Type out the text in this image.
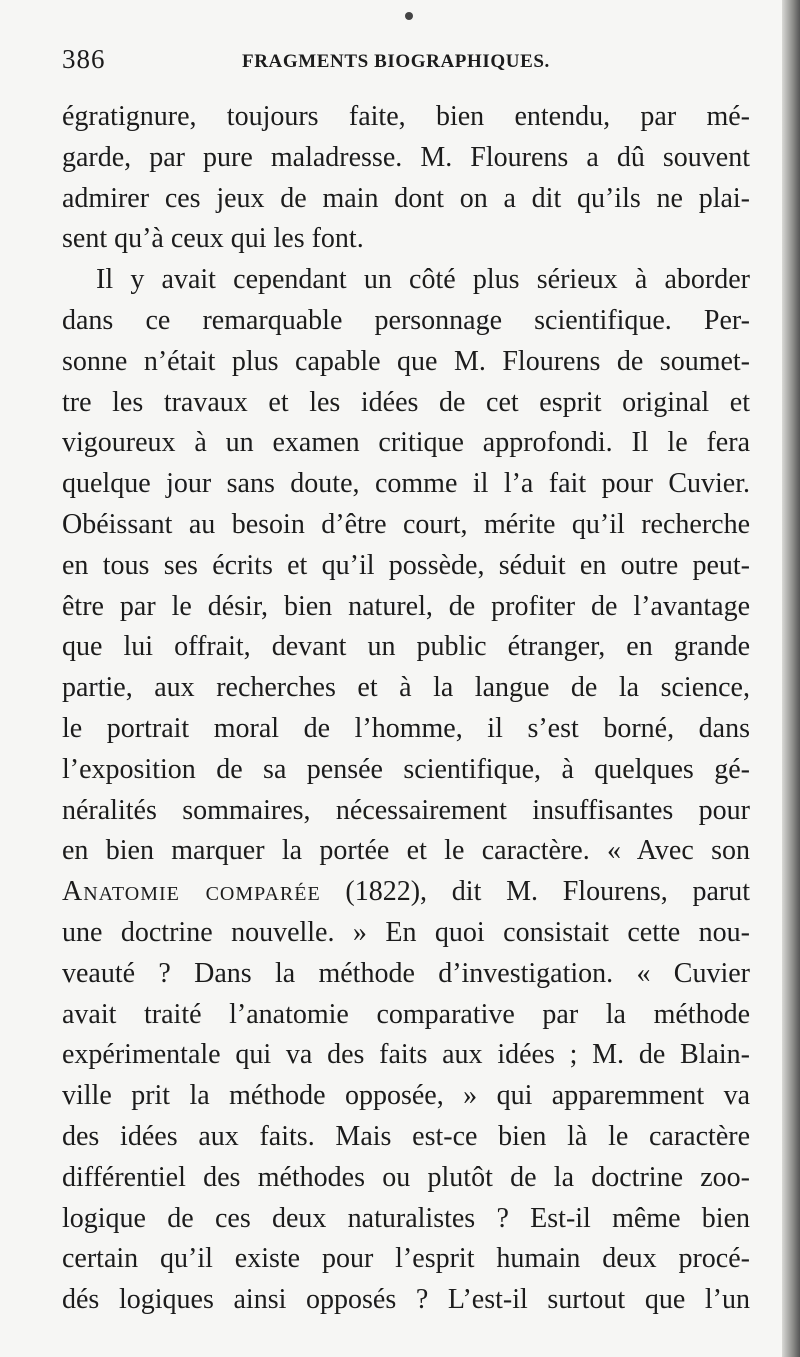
386	FRAGMENTS BIOGRAPHIQUES.
égratignure, toujours faite, bien entendu, par mé-
garde, par pure maladresse. M. Flourens a dû souvent
admirer ces jeux de main dont on a dit qu’ils ne plai-
sent qu’à ceux qui les font.
Il y avait cependant un côté plus sérieux à aborder
dans ce remarquable personnage scientifique. Per-
sonne n’était plus capable que M. Flourens de soumet-
tre les travaux et les idées de cet esprit original et
vigoureux à un examen critique approfondi. Il le fera
quelque jour sans doute, comme il l’a fait pour Cuvier.
Obéissant au besoin d’être court, mérite qu’il recherche
en tous ses écrits et qu’il possède, séduit en outre peut-
être par le désir, bien naturel, de profiter de l’avantage
que lui offrait, devant un public étranger, en grande
partie, aux recherches et à la langue de la science,
le portrait moral de l’homme, il s’est borné, dans
l’exposition de sa pensée scientifique, à quelques gé-
néralités sommaires, nécessairement insuffisantes pour
en bien marquer la portée et le caractère. « Avec son
Anatomie comparée (1822), dit M. Flourens, parut
une doctrine nouvelle. » En quoi consistait cette nou-
veauté ? Dans la méthode d’investigation. « Cuvier
avait traité l’anatomie comparative par la méthode
expérimentale qui va des faits aux idées ; M. de Blain-
ville prit la méthode opposée, » qui apparemment va
des idées aux faits. Mais est-ce bien là le caractère
différentiel des méthodes ou plutôt de la doctrine zoo-
logique de ces deux naturalistes ? Est-il même bien
certain qu’il existe pour l’esprit humain deux procé-
dés logiques ainsi opposés ? L’est-il surtout que l’un
